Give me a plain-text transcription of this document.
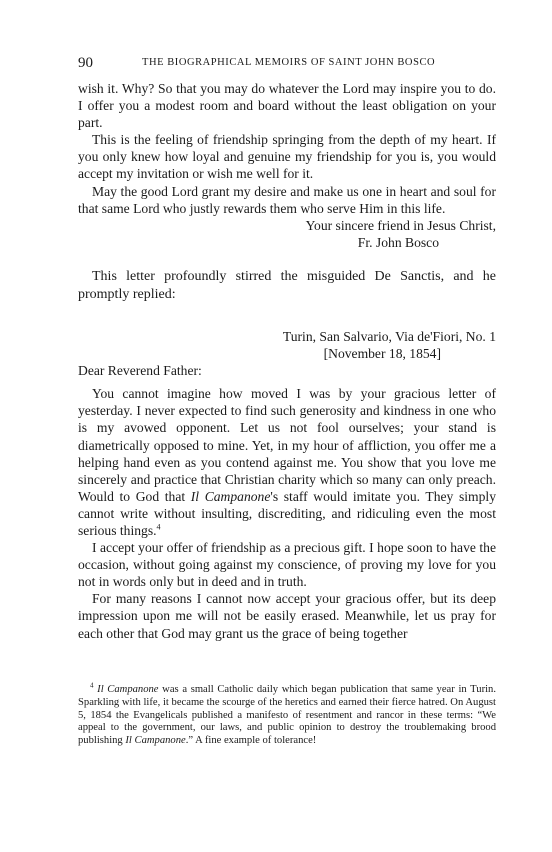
90	THE BIOGRAPHICAL MEMOIRS OF SAINT JOHN BOSCO

wish it. Why? So that you may do whatever the Lord may inspire you to do. I offer you a modest room and board without the least obligation on your part.

This is the feeling of friendship springing from the depth of my heart. If you only knew how loyal and genuine my friendship for you is, you would accept my invitation or wish me well for it.

May the good Lord grant my desire and make us one in heart and soul for that same Lord who justly rewards them who serve Him in this life.

Your sincere friend in Jesus Christ,

Fr. John Bosco

This letter profoundly stirred the misguided De Sanctis, and he promptly replied:

Turin, San Salvario, Via de'Fiori, No. 1

[November 18, 1854]

Dear Reverend Father:

You cannot imagine how moved I was by your gracious letter of yesterday. I never expected to find such generosity and kindness in one who is my avowed opponent. Let us not fool ourselves; your stand is diametrically opposed to mine. Yet, in my hour of affliction, you offer me a helping hand even as you contend against me. You show that you love me sincerely and practice that Christian charity which so many can only preach. Would to God that Il Campanone's staff would imitate you. They simply cannot write without insulting, discrediting, and ridiculing even the most serious things.$^4$

I accept your offer of friendship as a precious gift. I hope soon to have the occasion, without going against my conscience, of proving my love for you not in words only but in deed and in truth.

For many reasons I cannot now accept your gracious offer, but its deep impression upon me will not be easily erased. Meanwhile, let us pray for each other that God may grant us the grace of being together

$^4$ Il Campanone was a small Catholic daily which began publication that same year in Turin. Sparkling with life, it became the scourge of the heretics and earned their fierce hatred. On August 5, 1854 the Evangelicals published a manifesto of resentment and rancor in these terms: “We appeal to the government, our laws, and public opinion to destroy the troublemaking brood publishing Il Campanone.” A fine example of tolerance!
